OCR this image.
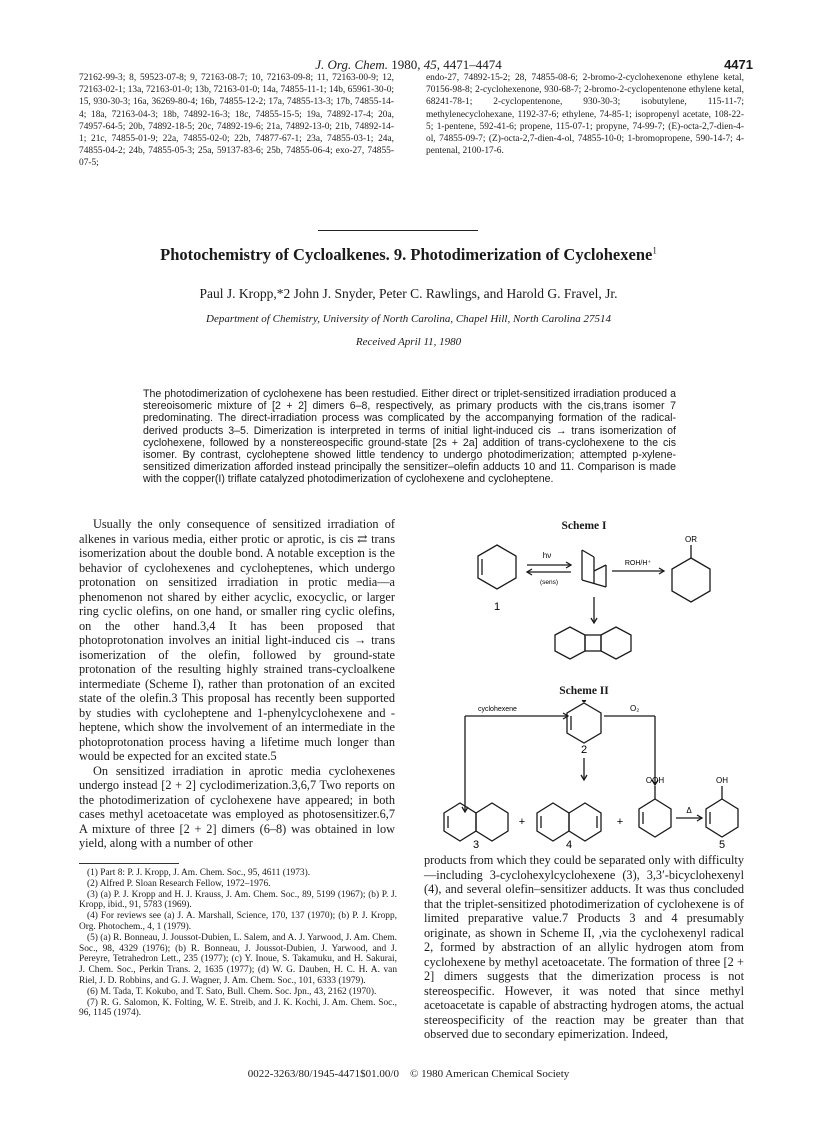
J. Org. Chem. 1980, 45, 4471–4474	4471
72162-99-3; 8, 59523-07-8; 9, 72163-08-7; 10, 72163-09-8; 11, 72163-00-9; 12, 72163-02-1; 13a, 72163-01-0; 13b, 72163-01-0; 14a, 74855-11-1; 14b, 65961-30-0; 15, 930-30-3; 16a, 36269-80-4; 16b, 74855-12-2; 17a, 74855-13-3; 17b, 74855-14-4; 18a, 72163-04-3; 18b, 74892-16-3; 18c, 74855-15-5; 19a, 74892-17-4; 20a, 74957-64-5; 20b, 74892-18-5; 20c, 74892-19-6; 21a, 74892-13-0; 21b, 74892-14-1; 21c, 74855-01-9; 22a, 74855-02-0; 22b, 74877-67-1; 23a, 74855-03-1; 24a, 74855-04-2; 24b, 74855-05-3; 25a, 59137-83-6; 25b, 74855-06-4; exo-27, 74855-07-5;
endo-27, 74892-15-2; 28, 74855-08-6; 2-bromo-2-cyclohexenone ethylene ketal, 70156-98-8; 2-cyclohexenone, 930-68-7; 2-bromo-2-cyclopentenone ethylene ketal, 68241-78-1; 2-cyclopentenone, 930-30-3; isobutylene, 115-11-7; methylenecyclohexane, 1192-37-6; ethylene, 74-85-1; isopropenyl acetate, 108-22-5; 1-pentene, 592-41-6; propene, 115-07-1; propyne, 74-99-7; (E)-octa-2,7-dien-4-ol, 74855-09-7; (Z)-octa-2,7-dien-4-ol, 74855-10-0; 1-bromopropene, 590-14-7; 4-pentenal, 2100-17-6.
Photochemistry of Cycloalkenes. 9. Photodimerization of Cyclohexene$^1$
Paul J. Kropp,*2 John J. Snyder, Peter C. Rawlings, and Harold G. Fravel, Jr.
Department of Chemistry, University of North Carolina, Chapel Hill, North Carolina 27514
Received April 11, 1980
The photodimerization of cyclohexene has been restudied. Either direct or triplet-sensitized irradiation produced a stereoisomeric mixture of [2 + 2] dimers 6–8, respectively, as primary products with the cis,trans isomer 7 predominating. The direct-irradiation process was complicated by the accompanying formation of the radical-derived products 3–5. Dimerization is interpreted in terms of initial light-induced cis → trans isomerization of cyclohexene, followed by a nonstereospecific ground-state [2s + 2a] addition of trans-cyclohexene to the cis isomer. By contrast, cycloheptene showed little tendency to undergo photodimerization; attempted p-xylene-sensitized dimerization afforded instead principally the sensitizer–olefin adducts 10 and 11. Comparison is made with the copper(I) triflate catalyzed photodimerization of cyclohexene and cycloheptene.

Usually the only consequence of sensitized irradiation of alkenes in various media, either protic or aprotic, is cis ⇄ trans isomerization about the double bond. A notable exception is the behavior of cyclohexenes and cycloheptenes, which undergo protonation on sensitized irradiation in protic media—a phenomenon not shared by either acyclic, exocyclic, or larger ring cyclic olefins, on one hand, or smaller ring cyclic olefins, on the other hand.3,4 It has been proposed that photoprotonation involves an initial light-induced cis → trans isomerization of the olefin, followed by ground-state protonation of the resulting highly strained trans-cycloalkene intermediate (Scheme I), rather than protonation of an excited state of the olefin.3 This proposal has recently been supported by studies with cycloheptene and 1-phenylcyclohexene and -heptene, which show the involvement of an intermediate in the photoprotonation process having a lifetime much longer than would be expected for an excited state.5

On sensitized irradiation in aprotic media cyclohexenes undergo instead [2 + 2] cyclodimerization.3,6,7 Two reports on the photodimerization of cyclohexene have appeared; in both cases methyl acetoacetate was employed as photosensitizer.6,7 A mixture of three [2 + 2] dimers (6–8) was obtained in low yield, along with a number of other

(1) Part 8: P. J. Kropp, J. Am. Chem. Soc., 95, 4611 (1973).
(2) Alfred P. Sloan Research Fellow, 1972–1976.
(3) (a) P. J. Kropp and H. J. Krauss, J. Am. Chem. Soc., 89, 5199 (1967); (b) P. J. Kropp, ibid., 91, 5783 (1969).
(4) For reviews see (a) J. A. Marshall, Science, 170, 137 (1970); (b) P. J. Kropp, Org. Photochem., 4, 1 (1979).
(5) (a) R. Bonneau, J. Joussot-Dubien, L. Salem, and A. J. Yarwood, J. Am. Chem. Soc., 98, 4329 (1976); (b) R. Bonneau, J. Joussot-Dubien, J. Yarwood, and J. Pereyre, Tetrahedron Lett., 235 (1977); (c) Y. Inoue, S. Takamuku, and H. Sakurai, J. Chem. Soc., Perkin Trans. 2, 1635 (1977); (d) W. G. Dauben, H. C. H. A. van Riel, J. D. Robbins, and G. J. Wagner, J. Am. Chem. Soc., 101, 6333 (1979).
(6) M. Tada, T. Kokubo, and T. Sato, Bull. Chem. Soc. Jpn., 43, 2162 (1970).
(7) R. G. Salomon, K. Folting, W. E. Streib, and J. K. Kochi, J. Am. Chem. Soc., 96, 1145 (1974).
Scheme I
hν
(sens)
ROH/H⁺
OR
1
Scheme II
cyclohexene	O₂
OOH	OH
+	+
Δ
2
3	4	5
products from which they could be separated only with difficulty—including 3-cyclohexylcyclohexene (3), 3,3′-bicyclohexenyl (4), and several olefin–sensitizer adducts. It was thus concluded that the triplet-sensitized photodimerization of cyclohexene is of limited preparative value.7 Products 3 and 4 presumably originate, as shown in Scheme II, ,via the cyclohexenyl radical 2, formed by abstraction of an allylic hydrogen atom from cyclohexene by methyl acetoacetate. The formation of three [2 + 2] dimers suggests that the dimerization process is not stereospecific. However, it was noted that since methyl acetoacetate is capable of abstracting hydrogen atoms, the actual stereospecificity of the reaction may be greater than that observed due to secondary epimerization. Indeed,
0022-3263/80/1945-4471$01.00/0 © 1980 American Chemical Society
